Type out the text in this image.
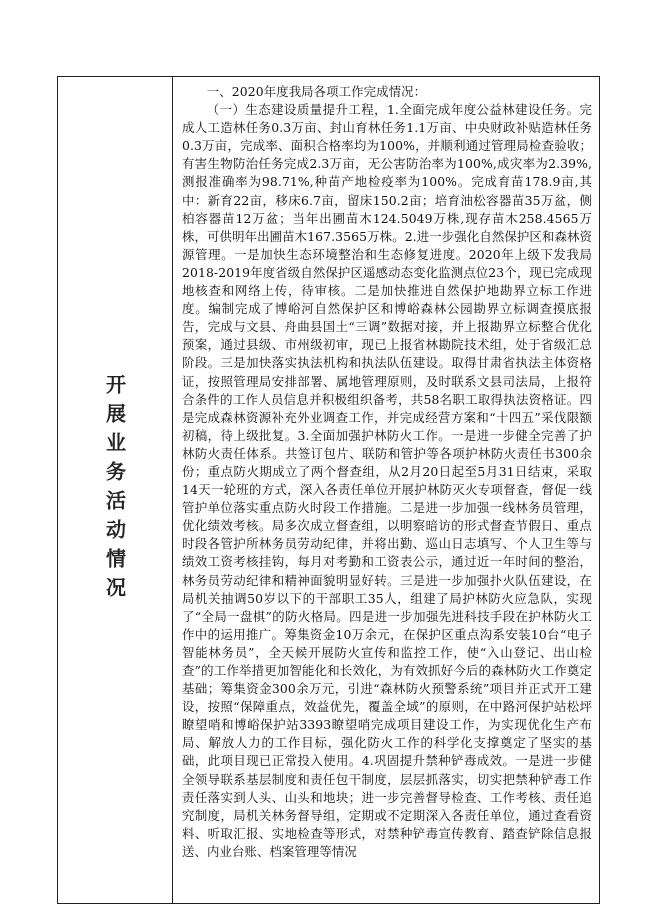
开展业务活动情况

一、2020年度我局各项工作完成情况：

（一）生态建设质量提升工程，1.全面完成年度公益林建设任务。完成人工造林任务0.3万亩、封山育林任务1.1万亩、中央财政补贴造林任务0.3万亩，完成率、面积合格率均为100%，并顺利通过管理局检查验收；有害生物防治任务完成2.3万亩，无公害防治率为100%,成灾率为2.39%,测报准确率为98.71%,种苗产地检疫率为100%。完成育苗178.9亩,其中：新育22亩，移床6.7亩，留床150.2亩；培育油松容器苗35万盆，侧柏容器苗12万盆；当年出圃苗木124.5049万株,现存苗木258.4565万株，可供明年出圃苗木167.3565万株。2.进一步强化自然保护区和森林资源管理。一是加快生态环境整治和生态修复进度。2020年上级下发我局2018-2019年度省级自然保护区遥感动态变化监测点位23个，现已完成现地核查和网络上传，待审核。二是加快推进自然保护地勘界立标工作进度。编制完成了博峪河自然保护区和博峪森林公园勘界立标调查摸底报告，完成与文县、舟曲县国土“三调”数据对接，并上报勘界立标整合优化预案，通过县级、市州级初审，现已上报省林勘院技术组，处于省级汇总阶段。三是加快落实执法机构和执法队伍建设。取得甘肃省执法主体资格证，按照管理局安排部署、属地管理原则，及时联系文县司法局，上报符合条件的工作人员信息并积极组织备考，共58名职工取得执法资格证。四是完成森林资源补充外业调查工作，并完成经营方案和“十四五”采伐限额初稿，待上级批复。3.全面加强护林防火工作。一是进一步健全完善了护林防火责任体系。共签订包片、联防和管护等各项护林防火责任书300余份；重点防火期成立了两个督查组，从2月20日起至5月31日结束，采取14天一轮班的方式，深入各责任单位开展护林防灭火专项督查，督促一线管护单位落实重点防火时段工作措施。二是进一步加强一线林务员管理，优化绩效考核。局多次成立督查组，以明察暗访的形式督查节假日、重点时段各管护所林务员劳动纪律，并将出勤、巡山日志填写、个人卫生等与绩效工资考核挂钩，每月对考勤和工资表公示，通过近一年时间的整治，林务员劳动纪律和精神面貌明显好转。三是进一步加强扑火队伍建设，在局机关抽调50岁以下的干部职工35人，组建了局护林防火应急队，实现了“全局一盘棋”的防火格局。四是进一步加强先进科技手段在护林防火工作中的运用推广。筹集资金10万余元，在保护区重点沟系安装10台“电子智能林务员”，全天候开展防火宣传和监控工作，使“入山登记、出山检查”的工作举措更加智能化和长效化，为有效抓好今后的森林防火工作奠定基础；筹集资金300余万元，引进“森林防火预警系统”项目并正式开工建设，按照“保障重点，效益优先，覆盖全域”的原则，在中路河保护站松坪瞭望哨和博峪保护站3393瞭望哨完成项目建设工作，为实现优化生产布局、解放人力的工作目标，强化防火工作的科学化支撑奠定了坚实的基础，此项目现已正常投入使用。4.巩固提升禁种铲毒成效。一是进一步健全领导联系基层制度和责任包干制度，层层抓落实，切实把禁种铲毒工作责任落实到人头、山头和地块；进一步完善督导检查、工作考核、责任追究制度，局机关林务督导组，定期或不定期深入各责任单位，通过查看资料、听取汇报、实地检查等形式，对禁种铲毒宣传教育、踏查铲除信息报送、内业台账、档案管理等情况
